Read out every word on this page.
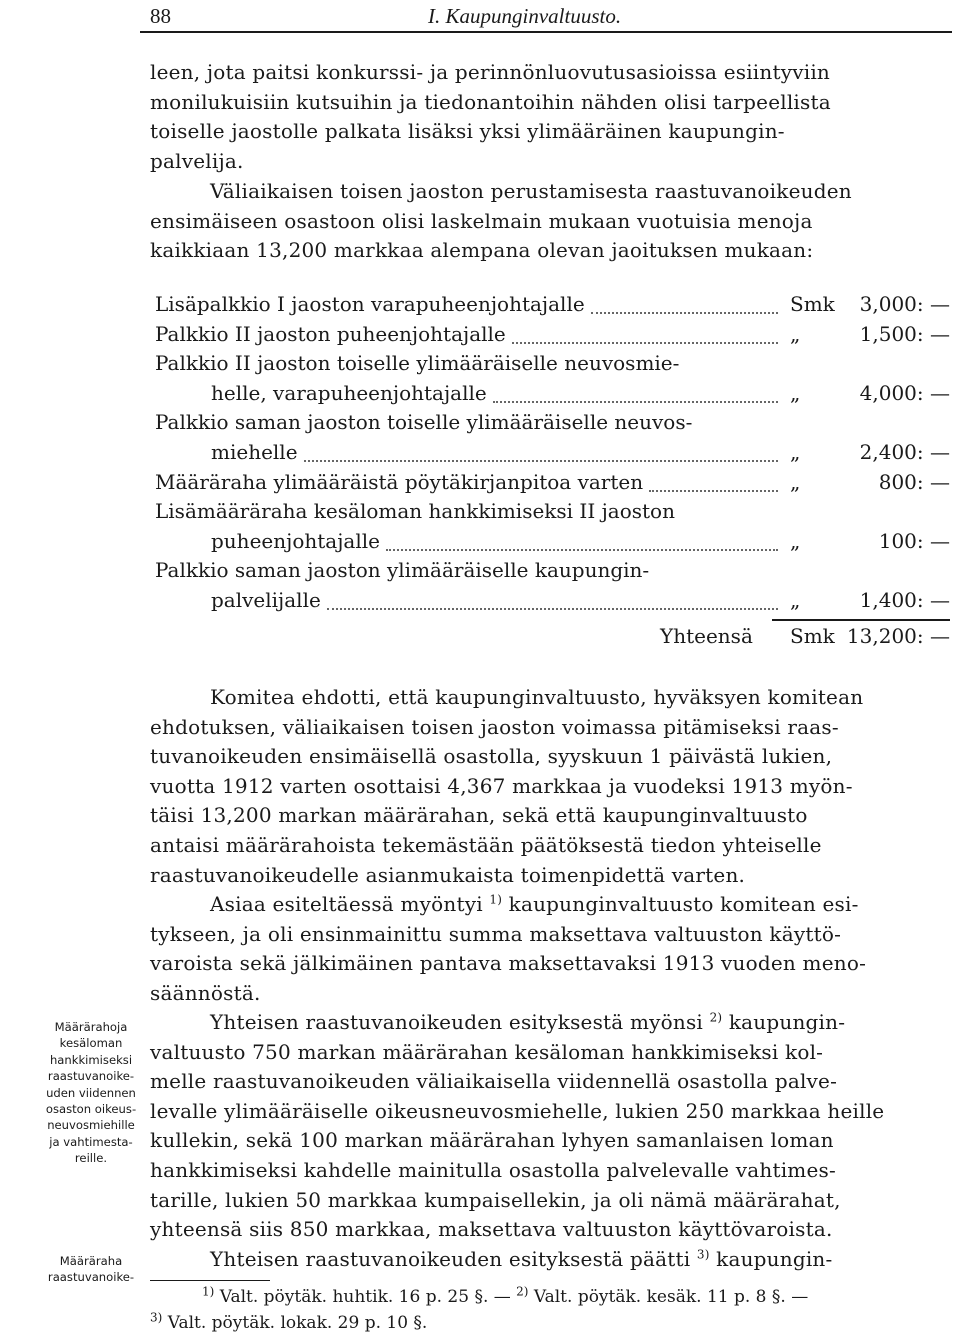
88	I. Kaupunginvaltuusto.
leen, jota paitsi konkurssi- ja perinnönluovutusasioissa esiintyviin
monilukuisiin kutsuihin ja tiedonantoihin nähden olisi tarpeellista
toiselle jaostolle palkata lisäksi yksi ylimääräinen kaupungin-
palvelija.
Väliaikaisen toisen jaoston perustamisesta raastuvanoikeuden
ensimäiseen osastoon olisi laskelmain mukaan vuotuisia menoja
kaikkiaan 13,200 markkaa alempana olevan jaoituksen mukaan:
Lisäpalkkio I jaoston varapuheenjohtajalle	Smk	3,000: —
Palkkio II jaoston puheenjohtajalle	„	1,500: —
Palkkio II jaoston toiselle ylimääräiselle neuvosmie-
helle, varapuheenjohtajalle	„	4,000: —
Palkkio saman jaoston toiselle ylimääräiselle neuvos-
miehelle	„	2,400: —
Määräraha ylimääräistä pöytäkirjanpitoa varten	„	800: —
Lisämääräraha kesäloman hankkimiseksi II jaoston
puheenjohtajalle	„	100: —
Palkkio saman jaoston ylimääräiselle kaupungin-
palvelijalle	„	1,400: —
Yhteensä Smk 13,200: —
Komitea ehdotti, että kaupunginvaltuusto, hyväksyen komitean
ehdotuksen, väliaikaisen toisen jaoston voimassa pitämiseksi raas-
tuvanoikeuden ensimäisellä osastolla, syyskuun 1 päivästä lukien,
vuotta 1912 varten osottaisi 4,367 markkaa ja vuodeksi 1913 myön-
täisi 13,200 markan määrärahan, sekä että kaupunginvaltuusto
antaisi määrärahoista tekemästään päätöksestä tiedon yhteiselle
raastuvanoikeudelle asianmukaista toimenpidettä varten.
Asiaa esiteltäessä myöntyi $^{1)}$ kaupunginvaltuusto komitean esi-
tykseen, ja oli ensinmainittu summa maksettava valtuuston käyttö-
varoista sekä jälkimäinen pantava maksettavaksi 1913 vuoden meno-
säännöstä.
Yhteisen raastuvanoikeuden esityksestä myönsi $^{2)}$ kaupungin-
valtuusto 750 markan määrärahan kesäloman hankkimiseksi kol-
melle raastuvanoikeuden väliaikaisella viidennellä osastolla palve-
levalle ylimääräiselle oikeusneuvosmiehelle, lukien 250 markkaa heille
kullekin, sekä 100 markan määrärahan lyhyen samanlaisen loman
hankkimiseksi kahdelle mainitulla osastolla palvelevalle vahtimes-
tarille, lukien 50 markkaa kumpaisellekin, ja oli nämä määrärahat,
yhteensä siis 850 markkaa, maksettava valtuuston käyttövaroista.
Yhteisen raastuvanoikeuden esityksestä päätti $^{3)}$ kaupungin-
Määrärahoja
kesäloman
hankkimiseksi
raastuvanoike-
uden viidennen
osaston oikeus-
neuvosmiehille
ja vahtimesta-
reille.
Määräraha
raastuvanoike-
$^{1)}$ Valt. pöytäk. huhtik. 16 p. 25 §. — $^{2)}$ Valt. pöytäk. kesäk. 11 p. 8 §. —
$^{3)}$ Valt. pöytäk. lokak. 29 p. 10 §.
